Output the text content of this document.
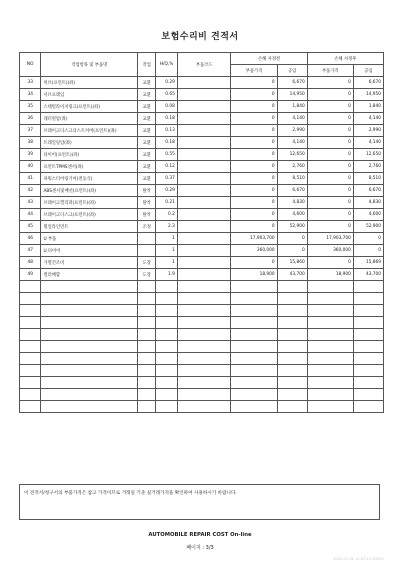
보험수리비 견적서
NO	작업항목 및 부품명	작업	H/Q,%	부품코드	손해 사정전		손해 사정후	
					부품가격	공임	부품가격	공임
33	히브(프런트)(좌)	교환	0.29		0	6,670	0	6,670
34	서브프레임	교환	0.65		0	14,950	0	14,950
35	스태빌라이저링크(프런트)(좌)	교환	0.08		0	1,840	0	1,840
36	래터럴암(좌)	교환	0.18		0	4,140	0	4,140
37	브레이크디스크더스트커버(프런트)(좌)	교환	0.13		0	2,990	0	2,990
38	트레일링암(좌)	교환	0.18		0	4,140	0	4,140
39	타이어(프런트)(좌)	교환	0.55		0	12,650	0	12,650
40	프런트TPMS센서(좌)	교환	0.12		0	2,760	0	2,760
41	파워스티어링기어(전동식)	교환	0.37		0	8,510	0	8,510
42	ABS센서및배선(프런트)(좌)	탈착	0.29		0	6,670	0	6,670
43	브레이크캘리퍼(프런트)(좌)	탈착	0.21		0	4,830	0	4,830
44	브레이크디스크(프런트)(좌)	탈착	0.2		0	4,600	0	4,600
45	휠얼라인먼트	조정	2.3		0	52,900	0	52,900
46	U 부품		1		17,903,700	0	17,903,700	0
47	U 타이어		1		360,000	0	360,000	0
48	가열건조비	도장	1		0	15,860	0	15,869
49	컬러배합	도장	1.9		18,900	43,700	18,900	43,700

이 견적서/청구서의 부품가격은 참고 가격이므로 거래일 기준 실거래가격을 확인하여 사용하시기 바랍니다.
AUTOMOBILE REPAIR COST On-line
페이지 : 3/3
2023-01-31 11:47:15 A3901
